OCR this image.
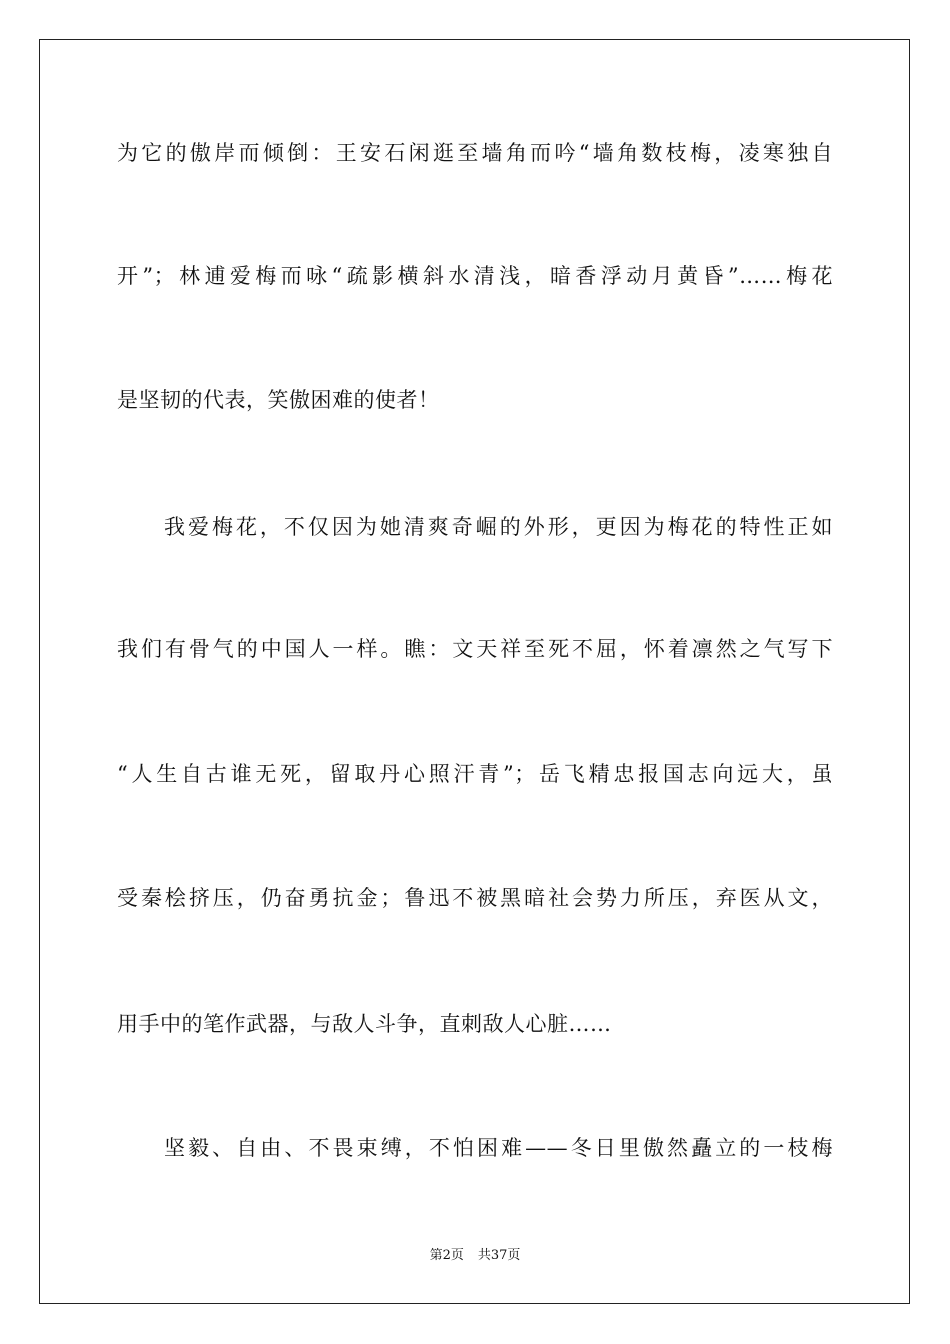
为它的傲岸而倾倒：王安石闲逛至墙角而吟“墙角数枝梅，凌寒独自
开”；林逋爱梅而咏“疏影横斜水清浅，暗香浮动月黄昏”……梅花
是坚韧的代表，笑傲困难的使者！
我爱梅花，不仅因为她清爽奇崛的外形，更因为梅花的特性正如
我们有骨气的中国人一样。瞧：文天祥至死不屈，怀着凛然之气写下
“人生自古谁无死，留取丹心照汗青”；岳飞精忠报国志向远大，虽
受秦桧挤压，仍奋勇抗金；鲁迅不被黑暗社会势力所压，弃医从文，
用手中的笔作武器，与敌人斗争，直刺敌人心脏……
坚毅、自由、不畏束缚，不怕困难——冬日里傲然矗立的一枝梅
第2页 共37页
